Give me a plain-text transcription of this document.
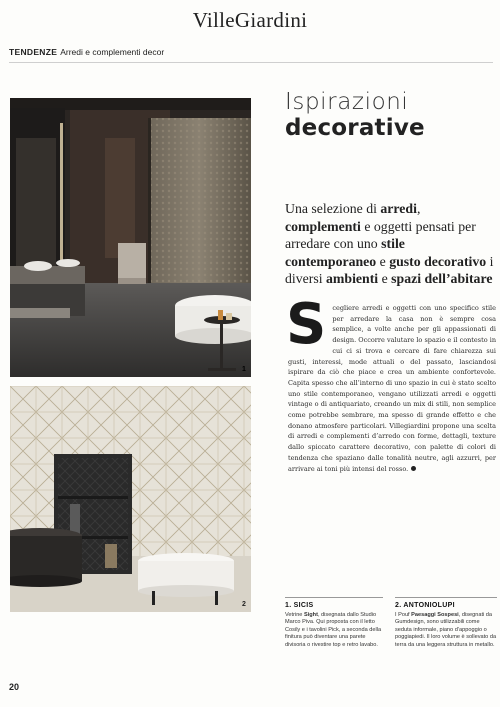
VilleGiardini
TENDENZE Arredi e complementi decor
1
2
Ispirazioni
decorative
Una selezione di arredi, complementi e oggetti pensati per arredare con uno stile contemporaneo e gusto decorativo i diversi ambienti e spazi dell’abitare
Scegliere arredi e oggetti con uno specifico stile per arredare la casa non è sempre cosa semplice, a volte anche per gli appassionati di design. Occorre valutare lo spazio e il contesto in cui ci si trova e cercare di fare chiarezza sui gusti, interessi, mode attuali o del passato, lasciandosi ispirare da ciò che piace e crea un ambiente confortevole. Capita spesso che all’interno di uno spazio in cui è stato scelto uno stile contemporaneo, vengano utilizzati arredi e oggetti vintage o di antiquariato, creando un mix di stili, non semplice come potrebbe sembrare, ma spesso di grande effetto e che donano atmosfere particolari. Villegiardini propone una scelta di arredi e complementi d’arredo con forme, dettagli, texture dallo spiccato carattere decorativo, con palette di colori di tendenza che spaziano dalle tonalità neutre, agli azzurri, per arrivare ai toni più intensi del rosso.
1. SICIS
Vetrine Sight, disegnata dallo Studio Marco Piva. Qui proposta con il letto Cosily e i tavolini Pick, a seconda della finitura può diventare una parete divisoria o rivestire top e retro lavabo.
2. ANTONIOLUPI
I Pouf Paesaggi Sospesi, disegnati da Gumdesign, sono utilizzabili come seduta informale, piano d’appoggio o poggiapiedi. Il loro volume è sollevato da terra da una leggera struttura in metallo.
20
